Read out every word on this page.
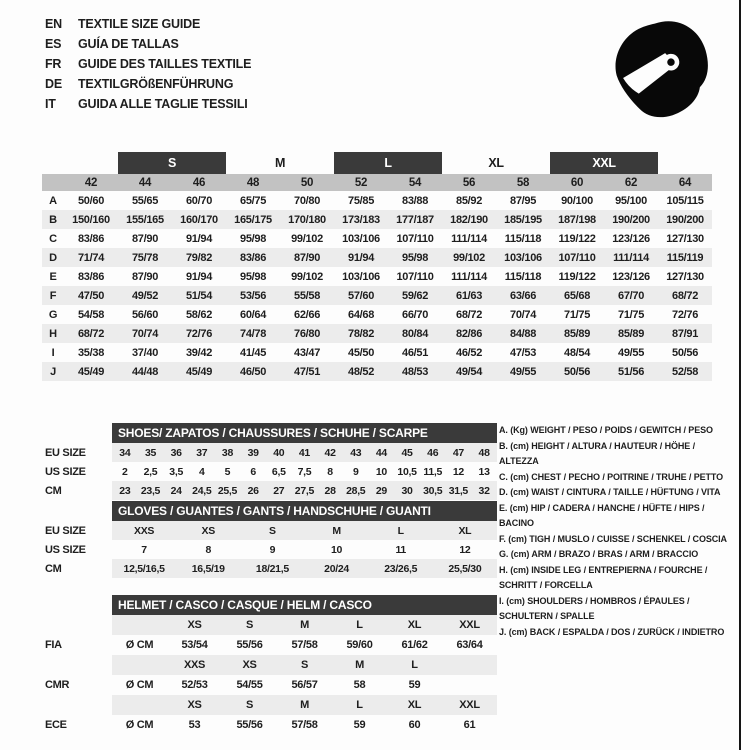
EN	TEXTILE SIZE GUIDE
ES	GUÍA DE TALLAS
FR	GUIDE DES TAILLES TEXTILE
DE	TEXTILGRÖßENFÜHRUNG
IT	GUIDA ALLE TAGLIE TESSILI
		S		M		L		XL		XXL		
	42	44	46	48	50	52	54	56	58	60	62	64
A	50/60	55/65	60/70	65/75	70/80	75/85	83/88	85/92	87/95	90/100	95/100	105/115
B	150/160	155/165	160/170	165/175	170/180	173/183	177/187	182/190	185/195	187/198	190/200	190/200
C	83/86	87/90	91/94	95/98	99/102	103/106	107/110	111/114	115/118	119/122	123/126	127/130
D	71/74	75/78	79/82	83/86	87/90	91/94	95/98	99/102	103/106	107/110	111/114	115/119
E	83/86	87/90	91/94	95/98	99/102	103/106	107/110	111/114	115/118	119/122	123/126	127/130
F	47/50	49/52	51/54	53/56	55/58	57/60	59/62	61/63	63/66	65/68	67/70	68/72
G	54/58	56/60	58/62	60/64	62/66	64/68	66/70	68/72	70/74	71/75	71/75	72/76
H	68/72	70/74	72/76	74/78	76/80	78/82	80/84	82/86	84/88	85/89	85/89	87/91
I	35/38	37/40	39/42	41/45	43/47	45/50	46/51	46/52	47/53	48/54	49/55	50/56
J	45/49	44/48	45/49	46/50	47/51	48/52	48/53	49/54	49/55	50/56	51/56	52/58
SHOES/ ZAPATOS / CHAUSSURES / SCHUHE / SCARPE
EU SIZE	34	35	36	37	38	39	40	41	42	43	44	45	46	47	48
US SIZE	2	2,5	3,5	4	5	6	6,5	7,5	8	9	10	10,5	11,5	12	13
CM	23	23,5	24	24,5	25,5	26	27	27,5	28	28,5	29	30	30,5	31,5	32
GLOVES / GUANTES / GANTS / HANDSCHUHE / GUANTI
EU SIZE	XXS	XS	S	M	L	XL
US SIZE	7	8	9	10	11	12
CM	12,5/16,5	16,5/19	18/21,5	20/24	23/26,5	25,5/30
HELMET / CASCO / CASQUE / HELM / CASCO
		XS	S	M	L	XL	XXL
FIA	Ø CM	53/54	55/56	57/58	59/60	61/62	63/64
		XXS	XS	S	M	L	
CMR	Ø CM	52/53	54/55	56/57	58	59	
		XS	S	M	L	XL	XXL
ECE	Ø CM	53	55/56	57/58	59	60	61
A. (Kg) WEIGHT / PESO / POIDS / GEWITCH / PESO
B. (cm) HEIGHT / ALTURA / HAUTEUR / HÖHE / ALTEZZA
C. (cm) CHEST / PECHO / POITRINE / TRUHE / PETTO
D. (cm) WAIST / CINTURA / TAILLE / HÜFTUNG / VITA
E. (cm) HIP / CADERA / HANCHE / HÜFTE / HIPS / BACINO
F. (cm) TIGH / MUSLO / CUISSE / SCHENKEL / COSCIA
G. (cm) ARM / BRAZO / BRAS / ARM / BRACCIO
H. (cm) INSIDE LEG / ENTREPIERNA / FOURCHE / SCHRITT / FORCELLA
I. (cm) SHOULDERS / HOMBROS / ÉPAULES / SCHULTERN / SPALLE
J. (cm) BACK / ESPALDA / DOS / ZURÜCK / INDIETRO
